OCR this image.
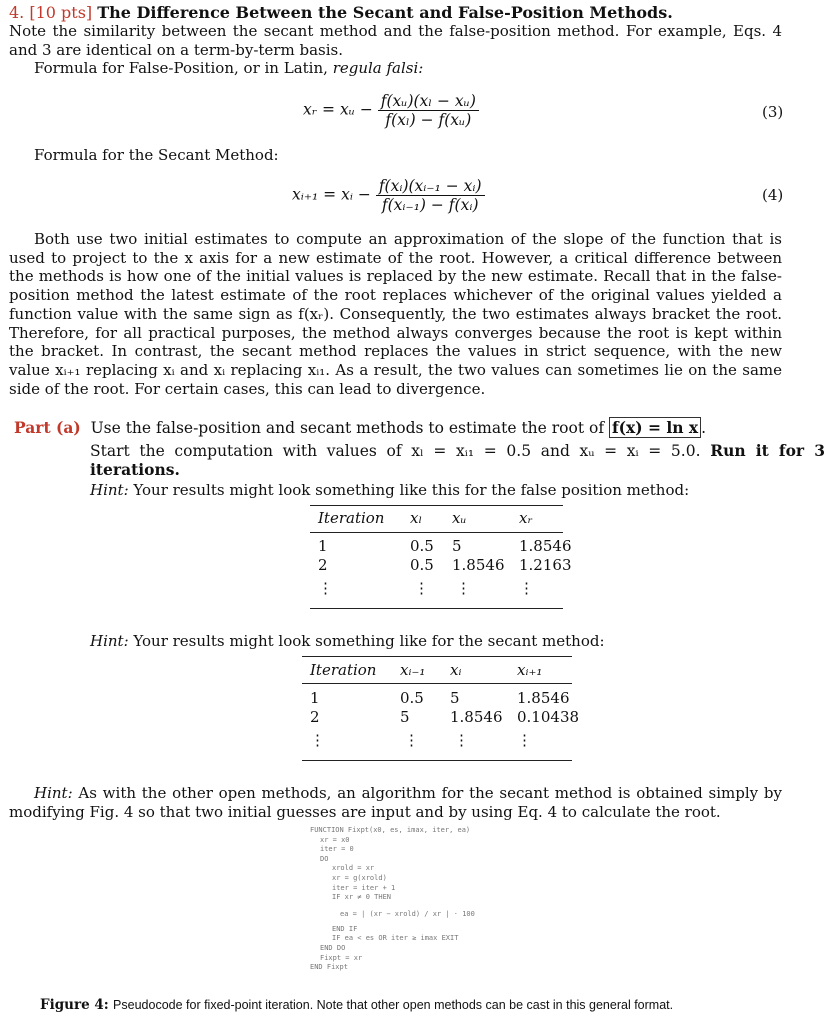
4. [10 pts] The Difference Between the Secant and False-Position Methods.
Note the similarity between the secant method and the false-position method. For example, Eqs. 4 and 3 are identical on a term-by-term basis.
Formula for False-Position, or in Latin, regula falsi:
xᵣ = xᵤ − $\frac{\text{f(xᵤ)(xₗ − xᵤ)}}{\text{f(xₗ) − f(xᵤ)}}$	(3)
Formula for the Secant Method:
xᵢ₊₁ = xᵢ − $\frac{\text{f(xᵢ)(xᵢ₋₁ − xᵢ)}}{\text{f(xᵢ₋₁) − f(xᵢ)}}$	(4)
Both use two initial estimates to compute an approximation of the slope of the function that is used to project to the x axis for a new estimate of the root. However, a critical difference between the methods is how one of the initial values is replaced by the new estimate. Recall that in the false-position method the latest estimate of the root replaces whichever of the original values yielded a function value with the same sign as f(xᵣ). Consequently, the two estimates always bracket the root. Therefore, for all practical purposes, the method always converges because the root is kept within the bracket. In contrast, the secant method replaces the values in strict sequence, with the new value xᵢ₊₁ replacing xᵢ and xᵢ replacing xᵢ₁. As a result, the two values can sometimes lie on the same side of the root. For certain cases, this can lead to divergence.
Part (a) Use the false-position and secant methods to estimate the root of f(x) = ln x .
Start the computation with values of xₗ = xᵢ₁ = 0.5 and xᵤ = xᵢ = 5.0. Run it for 3 iterations.
Hint: Your results might look something like this for the false position method:
Iteration	xₗ	xᵤ	xᵣ
1	0.5	5	1.8546
2	0.5	1.8546	1.2163
⋮	⋮	⋮	⋮
Hint: Your results might look something like for the secant method:
Iteration	xᵢ₋₁	xᵢ	xᵢ₊₁
1	0.5	5	1.8546
2	5	1.8546	0.10438
⋮	⋮	⋮	⋮
Hint: As with the other open methods, an algorithm for the secant method is obtained simply by modifying Fig. 4 so that two initial guesses are input and by using Eq. 4 to calculate the root.
FUNCTION Fixpt(x0, es, imax, iter, ea)
xr = x0
iter = 0
DO
xrold = xr
xr = g(xrold)
iter = iter + 1
IF xr ≠ 0 THEN
ea = | (xr − xrold) / xr | · 100
END IF
IF ea < es OR iter ≥ imax EXIT
END DO
Fixpt = xr
END Fixpt
Figure 4: Pseudocode for fixed-point iteration. Note that other open methods can be cast in this general format.
